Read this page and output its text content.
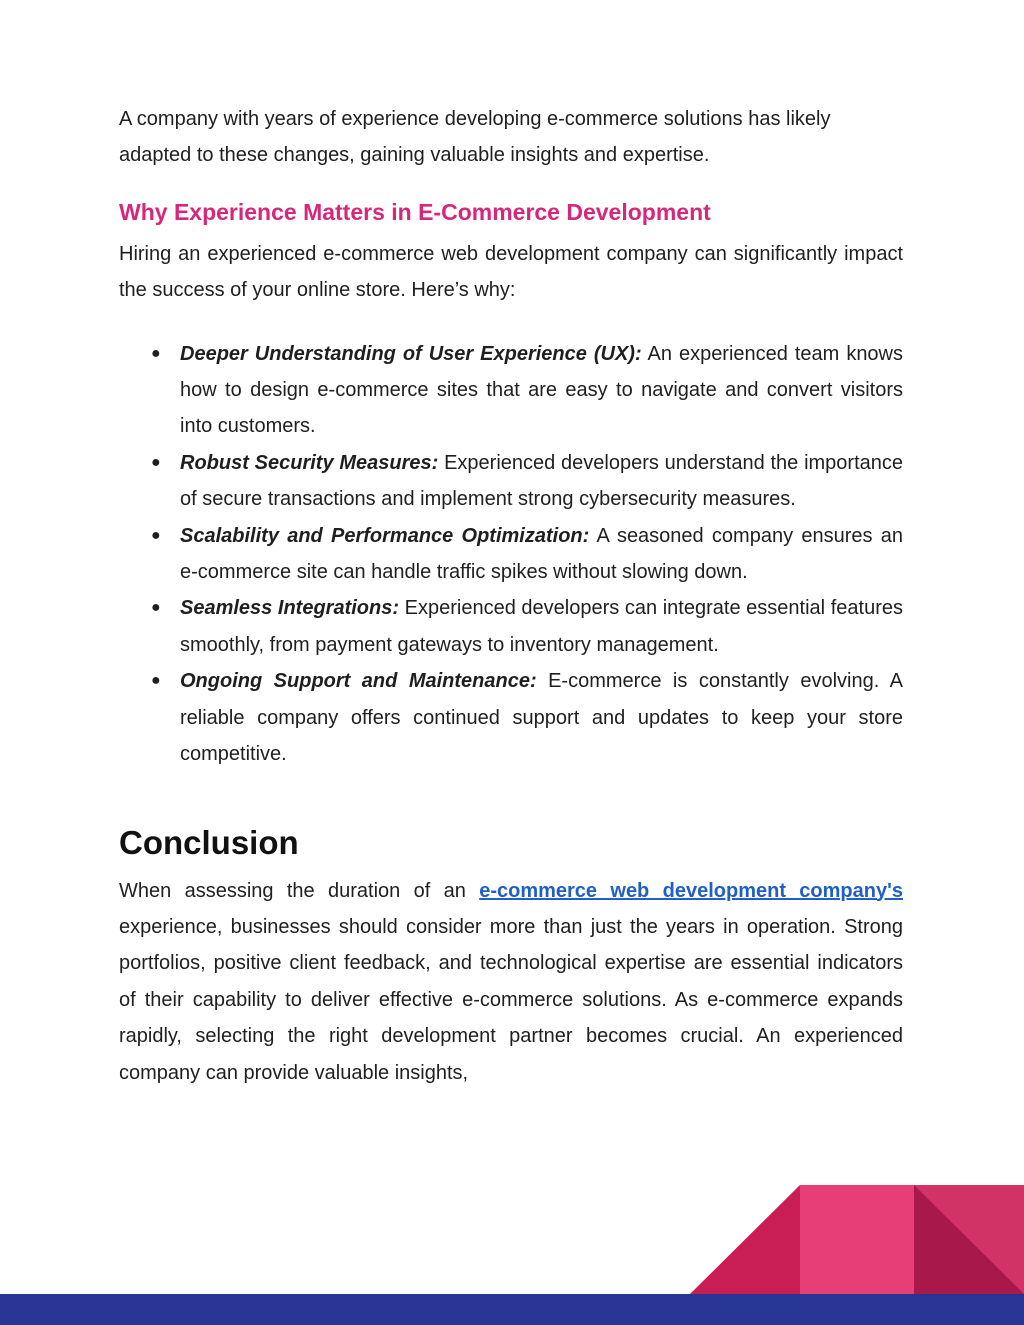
A company with years of experience developing e-commerce solutions has likely adapted to these changes, gaining valuable insights and expertise.

Why Experience Matters in E-Commerce Development

Hiring an experienced e-commerce web development company can significantly impact the success of your online store. Here’s why:

● Deeper Understanding of User Experience (UX): An experienced team knows how to design e-commerce sites that are easy to navigate and convert visitors into customers.
● Robust Security Measures: Experienced developers understand the importance of secure transactions and implement strong cybersecurity measures.
● Scalability and Performance Optimization: A seasoned company ensures an e-commerce site can handle traffic spikes without slowing down.
● Seamless Integrations: Experienced developers can integrate essential features smoothly, from payment gateways to inventory management.
● Ongoing Support and Maintenance: E-commerce is constantly evolving. A reliable company offers continued support and updates to keep your store competitive.
Conclusion

When assessing the duration of an e-commerce web development company's experience, businesses should consider more than just the years in operation. Strong portfolios, positive client feedback, and technological expertise are essential indicators of their capability to deliver effective e-commerce solutions. As e-commerce expands rapidly, selecting the right development partner becomes crucial. An experienced company can provide valuable insights,
